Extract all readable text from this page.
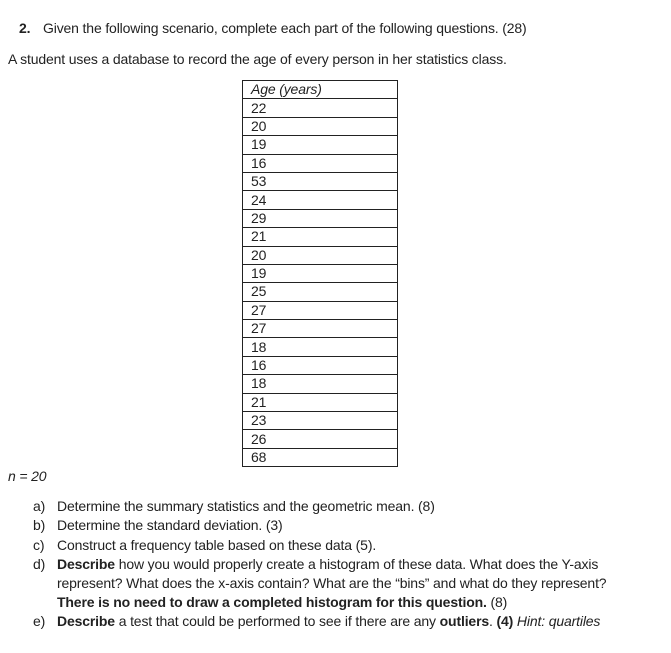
2. Given the following scenario, complete each part of the following questions. (28)
A student uses a database to record the age of every person in her statistics class.
Age (years)
22
20
19
16
53
24
29
21
20
19
25
27
27
18
16
18
21
23
26
68
n = 20
a) Determine the summary statistics and the geometric mean. (8)
b) Determine the standard deviation. (3)
c) Construct a frequency table based on these data (5).
d) Describe how you would properly create a histogram of these data. What does the Y-axis
represent? What does the x-axis contain? What are the “bins” and what do they represent?
There is no need to draw a completed histogram for this question. (8)
e) Describe a test that could be performed to see if there are any outliers. (4) Hint: quartiles
